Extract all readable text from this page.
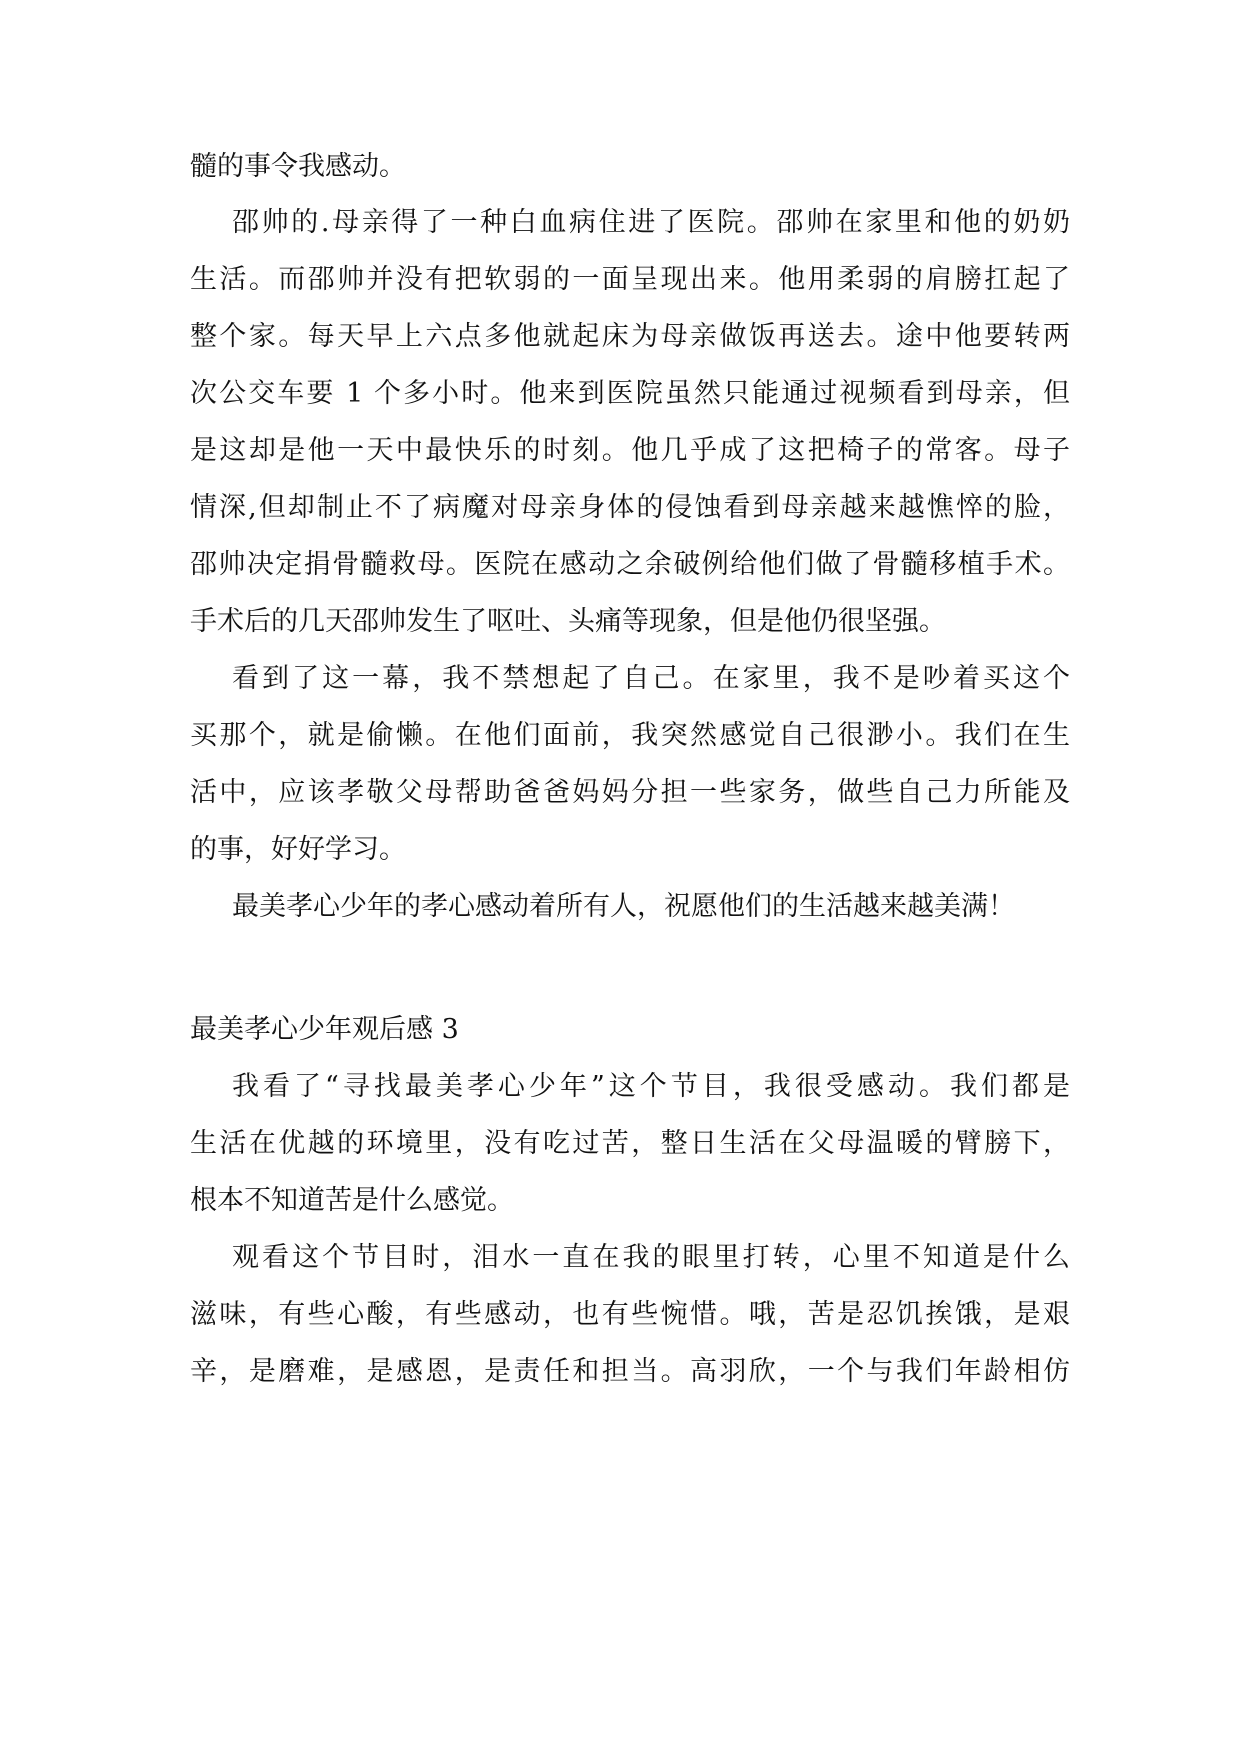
髓的事令我感动。
邵帅的.母亲得了一种白血病住进了医院。邵帅在家里和他的奶奶
生活。而邵帅并没有把软弱的一面呈现出来。他用柔弱的肩膀扛起了
整个家。每天早上六点多他就起床为母亲做饭再送去。途中他要转两
次公交车要 1 个多小时。他来到医院虽然只能通过视频看到母亲，但
是这却是他一天中最快乐的时刻。他几乎成了这把椅子的常客。母子
情深,但却制止不了病魔对母亲身体的侵蚀看到母亲越来越憔悴的脸，
邵帅决定捐骨髓救母。医院在感动之余破例给他们做了骨髓移植手术。
手术后的几天邵帅发生了呕吐、头痛等现象，但是他仍很坚强。
看到了这一幕，我不禁想起了自己。在家里，我不是吵着买这个
买那个，就是偷懒。在他们面前，我突然感觉自己很渺小。我们在生
活中，应该孝敬父母帮助爸爸妈妈分担一些家务，做些自己力所能及
的事，好好学习。
最美孝心少年的孝心感动着所有人，祝愿他们的生活越来越美满！
最美孝心少年观后感 3
我看了“寻找最美孝心少年”这个节目，我很受感动。我们都是
生活在优越的环境里，没有吃过苦，整日生活在父母温暖的臂膀下，
根本不知道苦是什么感觉。
观看这个节目时，泪水一直在我的眼里打转，心里不知道是什么
滋味，有些心酸，有些感动，也有些惋惜。哦，苦是忍饥挨饿，是艰
辛，是磨难，是感恩，是责任和担当。高羽欣，一个与我们年龄相仿
